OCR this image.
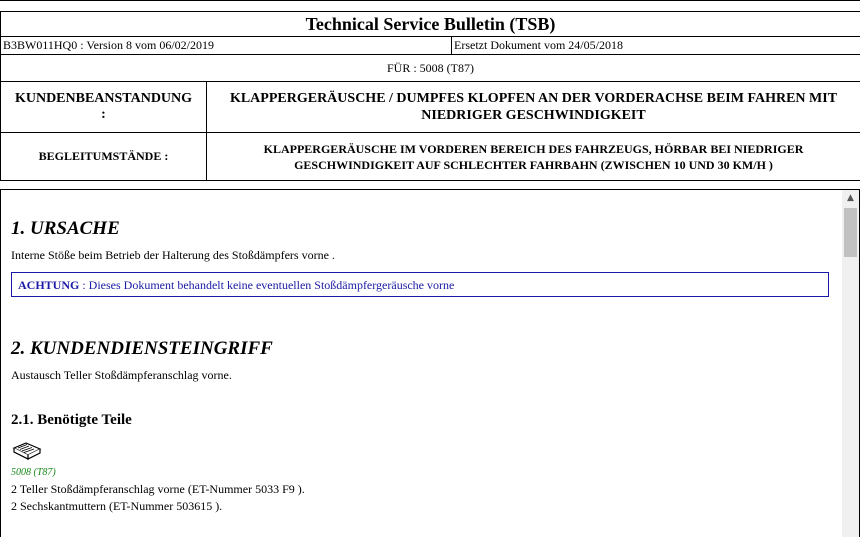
Technical Service Bulletin (TSB)		
B3BW011HQ0 : Version 8 vom 06/02/2019		Ersetzt Dokument vom 24/05/2018
FÜR : 5008 (T87)		

KUNDENBEANSTANDUNG
:	KLAPPERGERÄUSCHE / DUMPFES KLOPFEN AN DER VORDERACHSE BEIM FAHREN MIT NIEDRIGER GESCHWINDIGKEIT	

BEGLEITUMSTÄNDE :	KLAPPERGERÄUSCHE IM VORDEREN BEREICH DES FAHRZEUGS, HÖRBAR BEI NIEDRIGER GESCHWINDIGKEIT AUF SCHLECHTER FAHRBAHN (ZWISCHEN 10 UND 30 KM/H )	
1. URSACHE

Interne Stöße beim Betrieb der Halterung des Stoßdämpfers vorne .

ACHTUNG : Dieses Dokument behandelt keine eventuellen Stoßdämpfergeräusche vorne
2. KUNDENDIENSTEINGRIFF

Austausch Teller Stoßdämpferanschlag vorne.

2.1. Benötigte Teile
5008 (T87)

2 Teller Stoßdämpferanschlag vorne (ET-Nummer 5033 F9 ).

2 Sechskantmuttern (ET-Nummer 503615 ).

▲
